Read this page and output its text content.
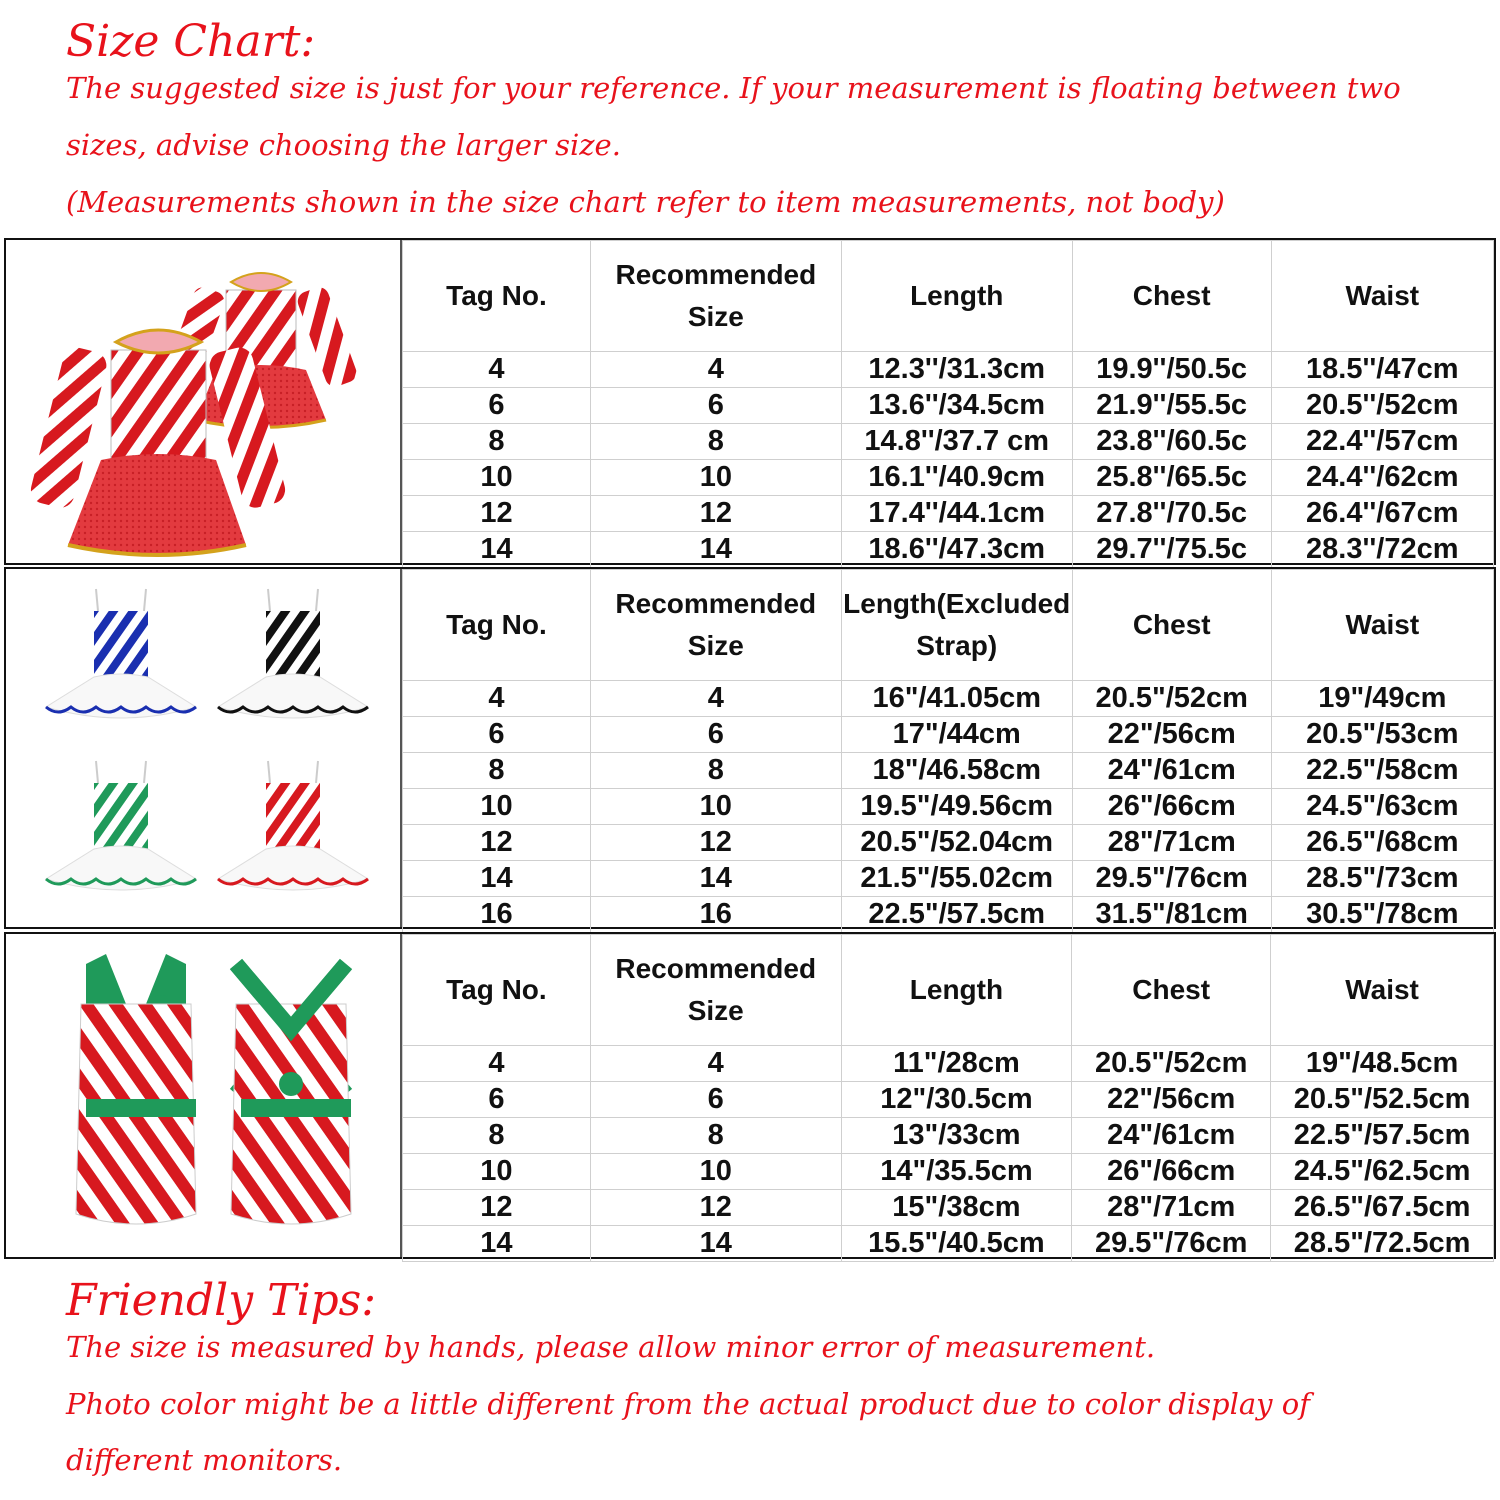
Size Chart:
The suggested size is just for your reference. If your measurement is floating between two
sizes, advise choosing the larger size.
(Measurements shown in the size chart refer to item measurements, not body)
Tag No.	Recommended Size	Length	Chest	Waist
4	4	12.3''/31.3cm	19.9''/50.5c	18.5''/47cm
6	6	13.6''/34.5cm	21.9''/55.5c	20.5''/52cm
8	8	14.8''/37.7 cm	23.8''/60.5c	22.4''/57cm
10	10	16.1''/40.9cm	25.8''/65.5c	24.4''/62cm
12	12	17.4''/44.1cm	27.8''/70.5c	26.4''/67cm
14	14	18.6''/47.3cm	29.7''/75.5c	28.3''/72cm
Tag No.	Recommended Size	Length(Excluded Strap)	Chest	Waist
4	4	16"/41.05cm	20.5"/52cm	19"/49cm
6	6	17"/44cm	22"/56cm	20.5"/53cm
8	8	18"/46.58cm	24"/61cm	22.5"/58cm
10	10	19.5"/49.56cm	26"/66cm	24.5"/63cm
12	12	20.5"/52.04cm	28"/71cm	26.5"/68cm
14	14	21.5"/55.02cm	29.5"/76cm	28.5"/73cm
16	16	22.5"/57.5cm	31.5"/81cm	30.5"/78cm
Tag No.	Recommended Size	Length	Chest	Waist
4	4	11"/28cm	20.5"/52cm	19"/48.5cm
6	6	12"/30.5cm	22"/56cm	20.5"/52.5cm
8	8	13"/33cm	24"/61cm	22.5"/57.5cm
10	10	14"/35.5cm	26"/66cm	24.5"/62.5cm
12	12	15"/38cm	28"/71cm	26.5"/67.5cm
14	14	15.5"/40.5cm	29.5"/76cm	28.5"/72.5cm
Friendly Tips:
The size is measured by hands, please allow minor error of measurement.
Photo color might be a little different from the actual product due to color display of
different monitors.
